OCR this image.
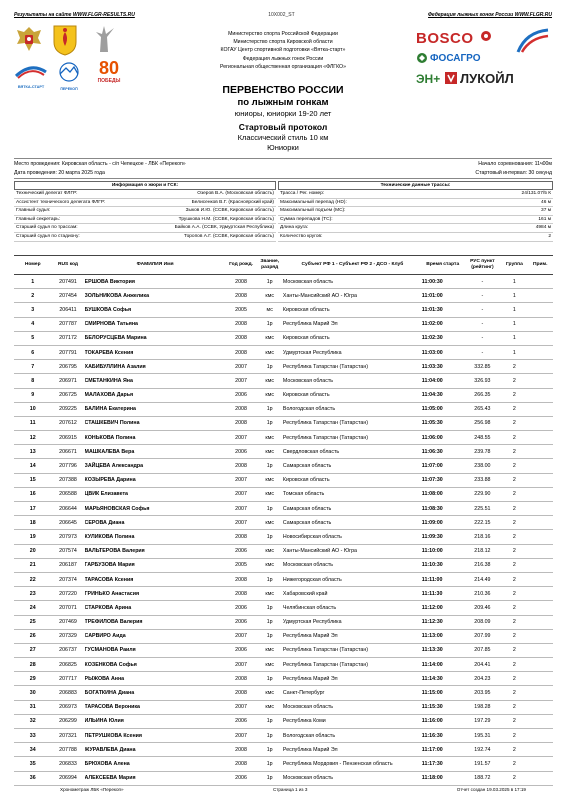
Результаты на сайте WWW.FLGR-RESULTS.RU	10X002_ST	Федерация лыжных гонок России WWW.FLGR.RU
ВЯТКА-СТАРТ	ПЕРЕКОП
80
ПОБЕДЫ
Министерство спорта Российской Федерации
Министерство спорта Кировской области
КОГАУ Центр спортивной подготовки «Вятка-старт»
Федерация лыжных гонок России
Региональная общественная организация «ФЛГКО»
BOSCO
ФОСАГРО
ЭН+ ЛУКОЙЛ
ПЕРВЕНСТВО РОССИИ
по лыжным гонкам
юниоры, юниорки 19-20 лет
Стартовый протокол
Классический стиль 10 км
Юниорки
Место проведения: Кировская область - с/п Чепецкое - ЛБК «Перекоп»	Начало соревнования: 11ч00м
Дата проведения: 20 марта 2025 года	Стартовый интервал: 30 секунд
Информация о жюри и ГСК:
Технический делегат ФЛГР:	Озеров В.А. (Московская область)
Ассистент технического делегата ФЛГР:	Белисенков В.Г. (Красноярский край)
Главный судья:	Зыков И.Ю. (ССВК, Кировская область)
Главный секретарь:	Трушкова Н.М. (ССВК, Кировская область)
Старший судья по трассам:	Байков А.А. (ССВК, Удмуртская Республика)
Старший судья по стадиону:	Торопов А.Г. (ССВК, Кировская область)
Технические данные трассы:
Трасса / Рег. номер:	24/131.07/5 К
Максимальный перепад (HD):	46 м
Максимальный подъем (MC):	37 м
Сумма перепадов (TC):	161 м
Длина круга:	4984 м
Количество кругов:	2
Номер	RUS код	ФАМИЛИЯ Имя	Год рожд.	Звание, разряд	Субъект РФ 1 - Субъект РФ 2 - ДСО - Клуб	Время старта	РУС пункт (рейтинг)	Группа	Прим.
1	207491	ЕРШОВА Виктория	2008	1р	Московская область	11:00:30	-	1	
2	207454	ЗОЛЬНИКОВА Анжелика	2008	кмс	Ханты-Мансийский АО - Югра	11:01:00	-	1	
3	206411	БУШКОВА Софья	2005	мс	Кировская область	11:01:30	-	1	
4	207787	СМИРНОВА Татьяна	2008	1р	Республика Марий Эл	11:02:00	-	1	
5	207172	БЕЛОРУСЦЕВА Марина	2008	кмс	Кировская область	11:02:30	-	1	
6	207791	ТОКАРЕВА Ксения	2008	кмс	Удмуртская Республика	11:03:00	-	1	
7	206795	ХАБИБУЛЛИНА Азалия	2007	1р	Республика Татарстан (Татарстан)	11:03:30	332.85	2	
8	206971	СМЕТАНКИНА Яна	2007	кмс	Московская область	11:04:00	326.93	2	
9	206725	МАЛАХОВА Дарья	2006	кмс	Кировская область	11:04:30	266.35	2	
10	209225	БАЛИНА Екатерина	2008	1р	Вологодская область	11:05:00	265.43	2	
11	207612	СТАШКЕВИЧ Полина	2008	1р	Республика Татарстан (Татарстан)	11:05:30	256.98	2	
12	206915	КОНЬКОВА Полина	2007	кмс	Республика Татарстан (Татарстан)	11:06:00	248.55	2	
13	206671	МАШКАЛЕВА Вера	2006	кмс	Свердловская область	11:06:30	239.78	2	
14	207796	ЗАЙЦЕВА Александра	2008	1р	Самарская область	11:07:00	238.00	2	
15	207388	КОЗЫРЕВА Дарина	2007	кмс	Кировская область	11:07:30	233.88	2	
16	206588	ЦВИК Елизавета	2007	кмс	Томская область	11:08:00	229.90	2	
17	206644	МАРЬЯНОВСКАЯ Софья	2007	1р	Самарская область	11:08:30	225.51	2	
18	206645	СЕРОВА Диана	2007	кмс	Самарская область	11:09:00	222.15	2	
19	207973	КУЛИКОВА Полина	2008	1р	Новосибирская область	11:09:30	218.16	2	
20	207574	ВАЛЬТЕРОВА Валерия	2006	кмс	Ханты-Мансийский АО - Югра	11:10:00	218.12	2	
21	206187	ГАРБУЗОВА Мария	2005	кмс	Московская область	11:10:30	216.38	2	
22	207374	ТАРАСОВА Ксения	2008	1р	Нижегородская область	11:11:00	214.49	2	
23	207220	ГРИНЬКО Анастасия	2008	кмс	Хабаровский край	11:11:30	210.36	2	
24	207071	СТАРКОВА Арина	2006	1р	Челябинская область	11:12:00	209.46	2	
25	207469	ТРЕФИЛОВА Валерия	2006	1р	Удмуртская Республика	11:12:30	208.09	2	
26	207329	САРВИРО Аида	2007	1р	Республика Марий Эл	11:13:00	207.99	2	
27	206737	ГУСМАНОВА Раиля	2006	кмс	Республика Татарстан (Татарстан)	11:13:30	207.85	2	
28	206825	КОЗЕНКОВА Софья	2007	кмс	Республика Татарстан (Татарстан)	11:14:00	204.41	2	
29	207717	РЫЖОВА Анна	2008	1р	Республика Марий Эл	11:14:30	204.23	2	
30	206883	БОГАТКИНА Диана	2008	кмс	Санкт-Петербург	11:15:00	203.95	2	
31	206973	ТАРАСОВА Вероника	2007	кмс	Московская область	11:15:30	198.28	2	
32	206299	ИЛЬИНА Юлия	2006	1р	Республика Коми	11:16:00	197.29	2	
33	207321	ПЕТРУШКОВА Ксения	2007	1р	Вологодская область	11:16:30	195.31	2	
34	207788	ЖУРАВЛЕВА Диана	2008	1р	Республика Марий Эл	11:17:00	192.74	2	
35	206833	БРЮХОВА Алена	2008	1р	Республика Мордовия - Пензенская область	11:17:30	191.57	2	
36	206994	АЛЕКСЕЕВА Мария	2006	1р	Московская область	11:18:00	188.72	2	
Хронометраж ЛБК «Перекоп»	Страница 1 из 3	Отчет создан 19.03.2025 в 17:19
